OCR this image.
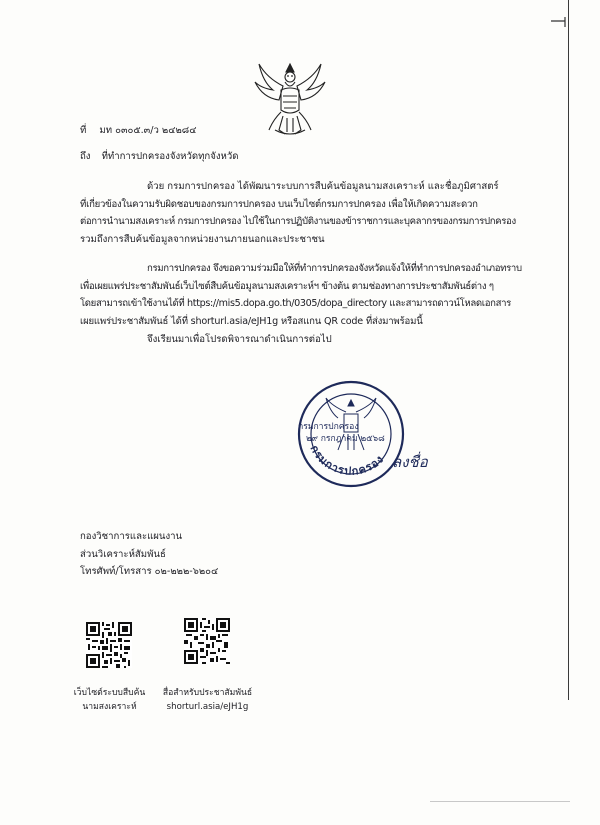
ที่ มท ๐๓๐๕.๓/ว ๒๔๒๘๔
ถึง ที่ทำการปกครองจังหวัดทุกจังหวัด
ด้วย กรมการปกครอง ได้พัฒนาระบบการสืบค้นข้อมูลนามสงเคราะห์ และชื่อภูมิศาสตร์
ที่เกี่ยวข้องในความรับผิดชอบของกรมการปกครอง บนเว็บไซต์กรมการปกครอง เพื่อให้เกิดความสะดวก
ต่อการนำนามสงเคราะห์ กรมการปกครอง ไปใช้ในการปฏิบัติงานของข้าราชการและบุคลากรของกรมการปกครอง
รวมถึงการสืบค้นข้อมูลจากหน่วยงานภายนอกและประชาชน
กรมการปกครอง จึงขอความร่วมมือให้ที่ทำการปกครองจังหวัดแจ้งให้ที่ทำการปกครองอำเภอทราบ
เพื่อเผยแพร่ประชาสัมพันธ์เว็บไซต์สืบค้นข้อมูลนามสงเคราะห์ฯ ข้างต้น ตามช่องทางการประชาสัมพันธ์ต่าง ๆ
โดยสามารถเข้าใช้งานได้ที่ https://mis5.dopa.go.th/0305/dopa_directory และสามารถดาวน์โหลดเอกสาร
เผยแพร่ประชาสัมพันธ์ ได้ที่ shorturl.asia/eJH1g หรือสแกน QR code ที่ส่งมาพร้อมนี้
จึงเรียนมาเพื่อโปรดพิจารณาดำเนินการต่อไป
กรมการปกครอง
กรมการปกครอง
๒๙ กรกฎาคม ๒๕๖๘
ลงชื่อ
กองวิชาการและแผนงาน
ส่วนวิเคราะห์สัมพันธ์
โทรศัพท์/โทรสาร ๐๒-๒๒๒-๖๒๐๔
เว็บไซต์ระบบสืบค้น
นามสงเคราะห์
สื่อสำหรับประชาสัมพันธ์
shorturl.asia/eJH1g
